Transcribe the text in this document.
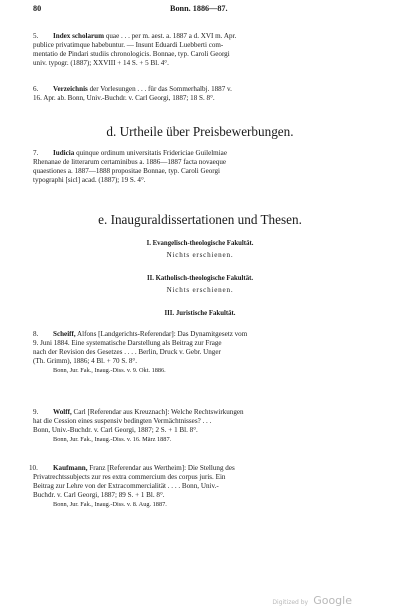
80	Bonn. 1886—87.
5.	Index scholarum quae . . . per m. aest. a. 1887 a d. XVI m. Apr.
publice privatimque habebuntur. — Insunt Eduardi Luebberti com-
mentatio de Pindari studiis chronologicis. Bonnae, typ. Caroli Georgi
univ. typogr. (1887); XXVIII + 14 S. + 5 Bl. 4°.
6.	Verzeichnis der Vorlesungen . . . für das Sommerhalbj. 1887 v.
16. Apr. ab. Bonn, Univ.-Buchdr. v. Carl Georgi, 1887; 18 S. 8°.
d. Urtheile über Preisbewerbungen.
7.	Iudicia quinque ordinum universitatis Fridericiae Guilelmiae
Rhenanae de litterarum certaminibus a. 1886—1887 facta novaeque
quaestiones a. 1887—1888 propositae Bonnae, typ. Caroli Georgi
typographi [sicl] acad. (1887); 19 S. 4°.
e. Inauguraldissertationen und Thesen.
I. Evangelisch-theologische Fakultät.
Nichts erschienen.
II. Katholisch-theologische Fakultät.
Nichts erschienen.
III. Juristische Fakultät.
8.	Scheiff, Alfons [Landgerichts-Referendar]: Das Dynamitgesetz vom
9. Juni 1884. Eine systematische Darstellung als Beitrag zur Frage
nach der Revision des Gesetzes . . . . Berlin, Druck v. Gebr. Unger
(Th. Grimm), 1886; 4 Bl. + 70 S. 8°.
Bonn, Jur. Fak., Inaug.-Diss. v. 9. Okt. 1886.
9.	Wolff, Carl [Referendar aus Kreuznach]: Welche Rechtswirkungen
hat die Cession eines suspensiv bedingten Vermächtnisses? . . .
Bonn, Univ.-Buchdr. v. Carl Georgi, 1887; 2 S. + 1 Bl. 8°.
Bonn, Jur. Fak., Inaug.-Diss. v. 16. März 1887.
10.	Kaufmann, Franz [Referendar aus Wertheim]: Die Stellung des
Privatrechtssubjects zur res extra commercium des corpus juris. Ein
Beitrag zur Lehre von der Extracommercialität . . . . Bonn, Univ.-
Buchdr. v. Carl Georgi, 1887; 89 S. + 1 Bl. 8°.
Bonn, Jur. Fak., Inaug.-Diss. v. 8. Aug. 1887.
Digitized by Google
